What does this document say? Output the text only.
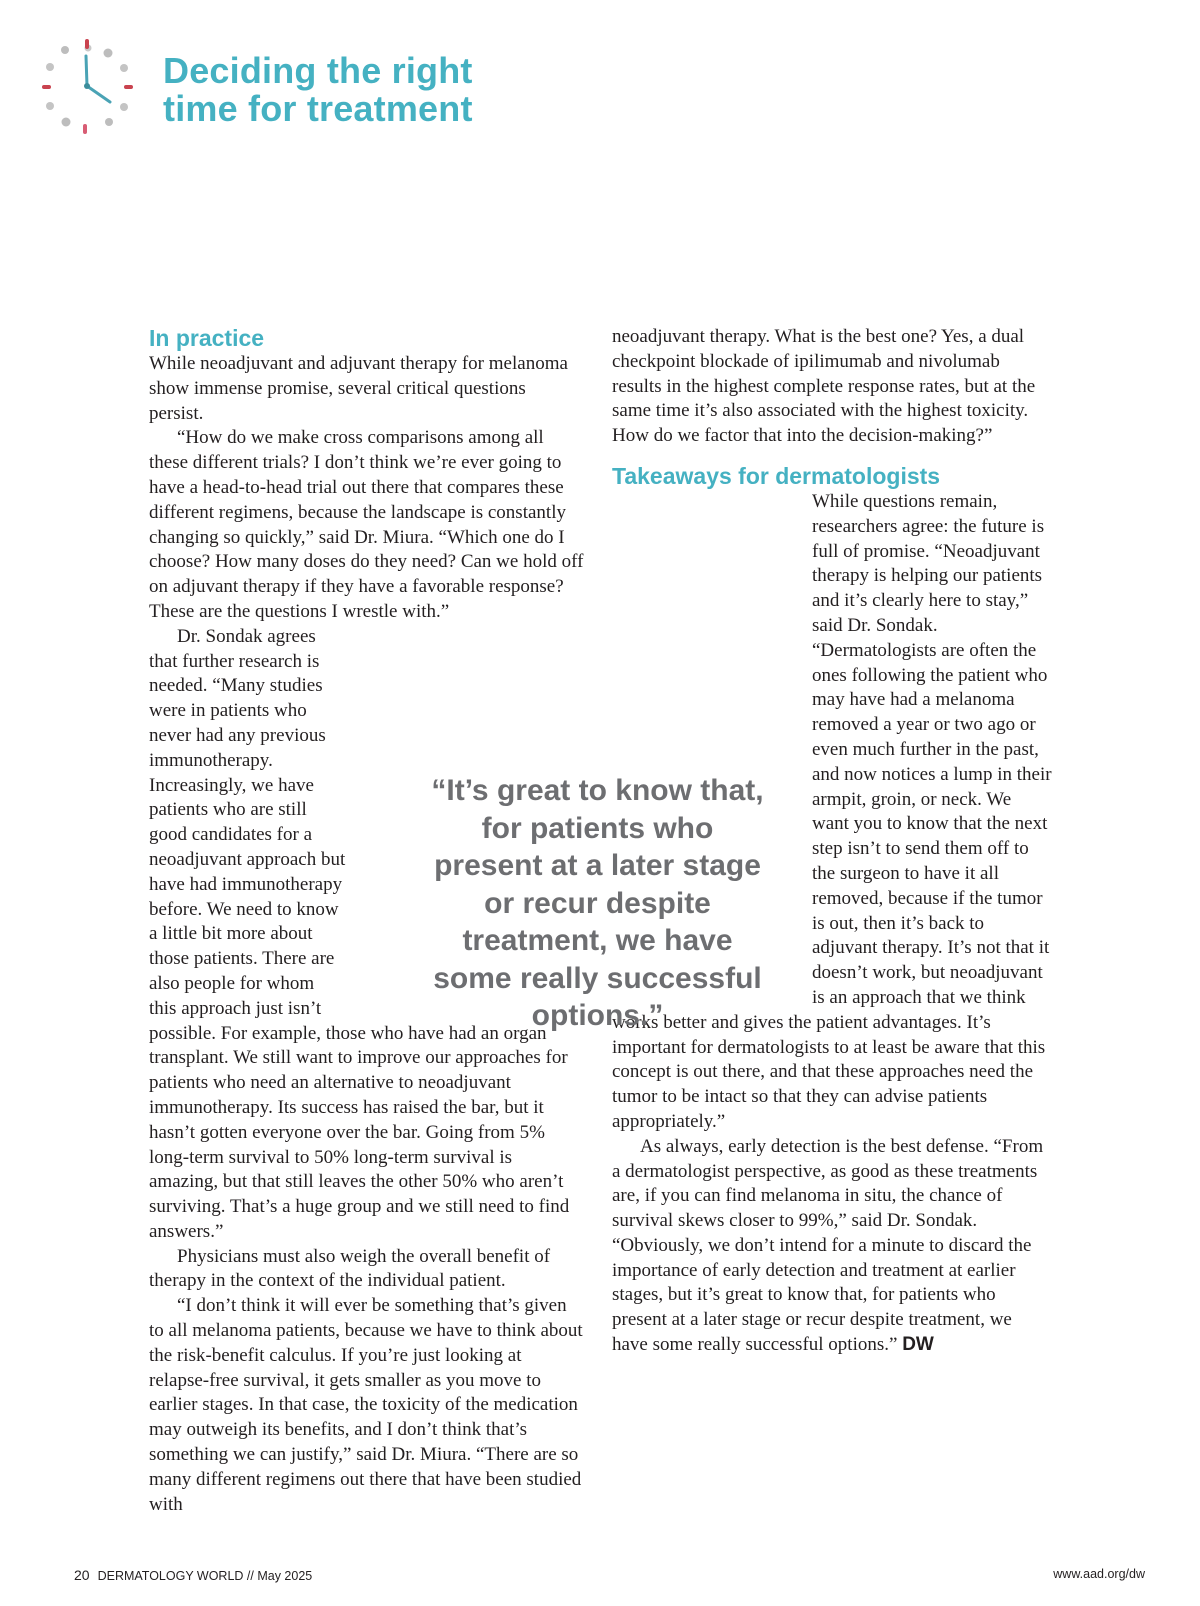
Deciding the right
time for treatment
In practice

While neoadjuvant and adjuvant therapy for melanoma show immense promise, several critical questions persist.

“How do we make cross comparisons among all these different trials? I don’t think we’re ever going to have a head-to-head trial out there that compares these different regimens, because the landscape is constantly changing so quickly,” said Dr. Miura. “Which one do I choose? How many doses do they need? Can we hold off on adjuvant therapy if they have a favorable response? These are the questions I wrestle with.”

Dr. Sondak agrees that further research is needed. “Many studies were in patients who never had any previous immunotherapy. Increasingly, we have patients who are still good candidates for a neoadjuvant approach but have had immunotherapy before. We need to know a little bit more about those patients. There are also people for whom this approach just isn’t possible. For example, those who have had an organ transplant. We still want to improve our approaches for patients who need an alternative to neoadjuvant immunotherapy. Its success has raised the bar, but it hasn’t gotten everyone over the bar. Going from 5% long-term survival to 50% long-term survival is amazing, but that still leaves the other 50% who aren’t surviving. That’s a huge group and we still need to find answers.”

Physicians must also weigh the overall benefit of therapy in the context of the individual patient.

“I don’t think it will ever be something that’s given to all melanoma patients, because we have to think about the risk-benefit calculus. If you’re just looking at relapse-free survival, it gets smaller as you move to earlier stages. In that case, the toxicity of the medication may outweigh its benefits, and I don’t think that’s something we can justify,” said Dr. Miura. “There are so many different regimens out there that have been studied with

neoadjuvant therapy. What is the best one? Yes, a dual checkpoint blockade of ipilimumab and nivolumab results in the highest complete response rates, but at the same time it’s also associated with the highest toxicity. How do we factor that into the decision-making?”

Takeaways for dermatologists

While questions remain, researchers agree: the future is full of promise. “Neoadjuvant therapy is helping our patients and it’s clearly here to stay,” said Dr. Sondak. “Dermatologists are often the ones following the patient who may have had a melanoma removed a year or two ago or even much further in the past, and now notices a lump in their armpit, groin, or neck. We want you to know that the next step isn’t to send them off to the surgeon to have it all removed, because if the tumor is out, then it’s back to adjuvant therapy. It’s not that it doesn’t work, but neoadjuvant is an approach that we think works better and gives the patient advantages. It’s important for dermatologists to at least be aware that this concept is out there, and that these approaches need the tumor to be intact so that they can advise patients appropriately.”

As always, early detection is the best defense. “From a dermatologist perspective, as good as these treatments are, if you can find melanoma in situ, the chance of survival skews closer to 99%,” said Dr. Sondak. “Obviously, we don’t intend for a minute to discard the importance of early detection and treatment at earlier stages, but it’s great to know that, for patients who present at a later stage or recur despite treatment, we have some really successful options.” DW

“It’s great to know that, for patients who present at a later stage or recur despite treatment, we have some really successful options.”

20 DERMATOLOGY WORLD // May 2025	www.aad.org/dw
